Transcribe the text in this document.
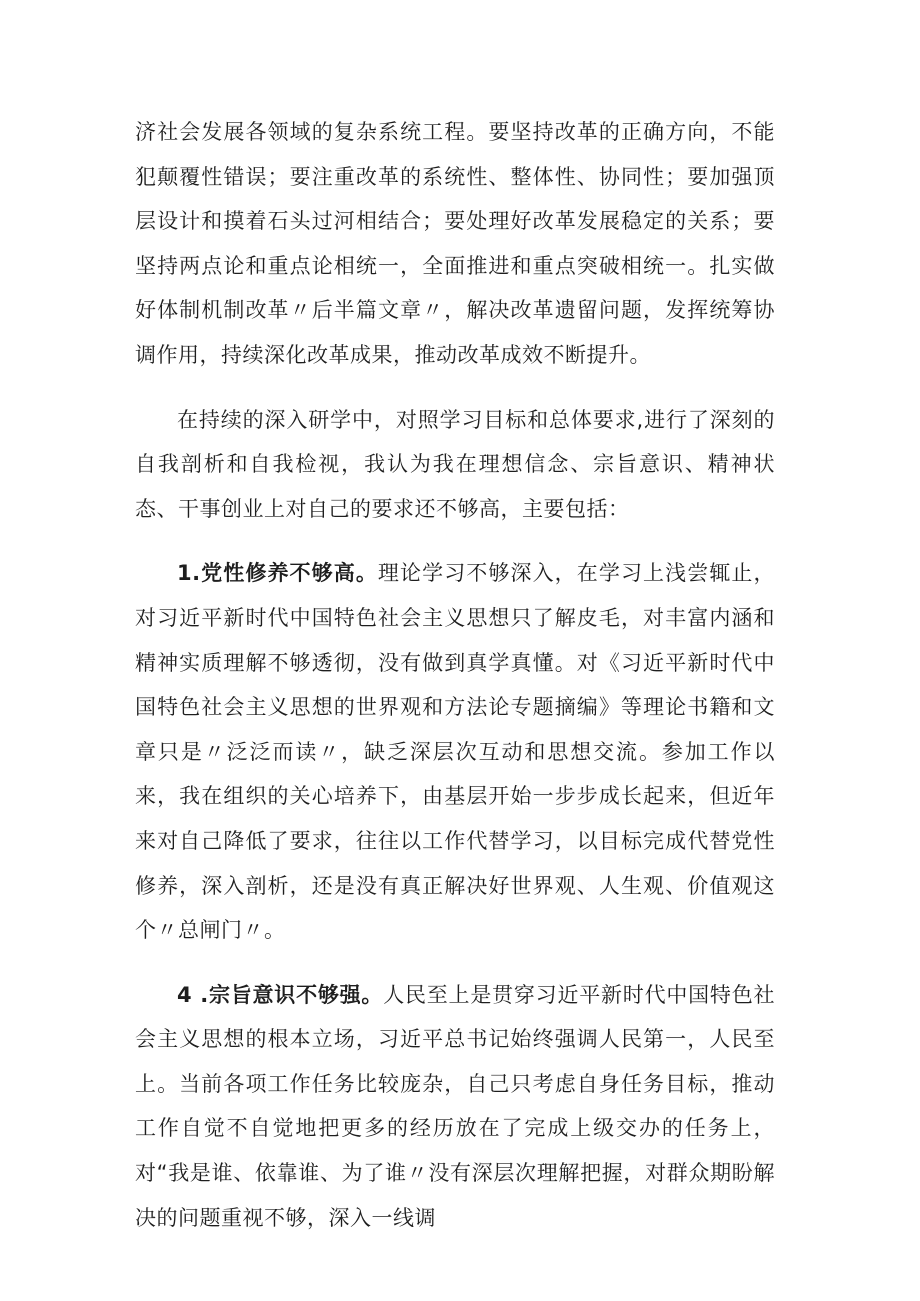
济社会发展各领域的复杂系统工程。要坚持改革的正确方向，不能犯颠覆性错误；要注重改革的系统性、整体性、协同性；要加强顶层设计和摸着石头过河相结合；要处理好改革发展稳定的关系；要坚持两点论和重点论相统一，全面推进和重点突破相统一。扎实做好体制机制改革〃后半篇文章〃，解决改革遗留问题，发挥统筹协调作用，持续深化改革成果，推动改革成效不断提升。

在持续的深入研学中，对照学习目标和总体要求,进行了深刻的自我剖析和自我检视，我认为我在理想信念、宗旨意识、精神状态、干事创业上对自己的要求还不够高，主要包括：

1.党性修养不够高。理论学习不够深入，在学习上浅尝辄止，对习近平新时代中国特色社会主义思想只了解皮毛，对丰富内涵和精神实质理解不够透彻，没有做到真学真懂。对《习近平新时代中国特色社会主义思想的世界观和方法论专题摘编》等理论书籍和文章只是〃泛泛而读〃，缺乏深层次互动和思想交流。参加工作以来，我在组织的关心培养下，由基层开始一步步成长起来，但近年来对自己降低了要求，往往以工作代替学习，以目标完成代替党性修养，深入剖析，还是没有真正解决好世界观、人生观、价值观这个〃总闸门〃。

4 .宗旨意识不够强。人民至上是贯穿习近平新时代中国特色社会主义思想的根本立场，习近平总书记始终强调人民第一，人民至上。当前各项工作任务比较庞杂，自己只考虑自身任务目标，推动工作自觉不自觉地把更多的经历放在了完成上级交办的任务上，对“我是谁、依靠谁、为了谁〃没有深层次理解把握，对群众期盼解决的问题重视不够，深入一线调
